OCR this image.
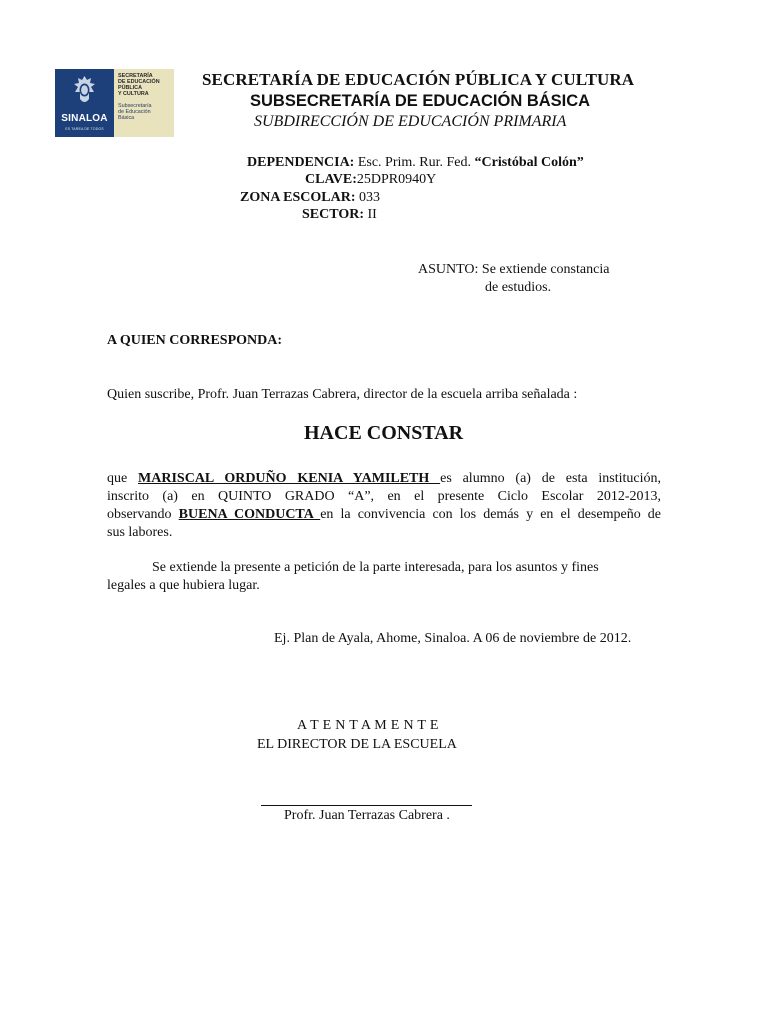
SINALOA
ES TAREA DE TODOS
SECRETARÍA
DE EDUCACIÓN
PÚBLICA
Y CULTURA
Subsecretaría
de Educación
Básica
SECRETARÍA DE EDUCACIÓN PÚBLICA Y CULTURA
SUBSECRETARÍA DE EDUCACIÓN BÁSICA
SUBDIRECCIÓN DE EDUCACIÓN PRIMARIA
DEPENDENCIA: Esc. Prim. Rur. Fed. “Cristóbal Colón”
CLAVE:25DPR0940Y
ZONA ESCOLAR: 033
SECTOR: II
ASUNTO: Se extiende constancia
de estudios.
A QUIEN CORRESPONDA:
Quien suscribe, Profr. Juan Terrazas Cabrera, director de la escuela arriba señalada :
HACE CONSTAR
que MARISCAL ORDUÑO KENIA YAMILETH es alumno (a) de esta institución,
inscrito (a) en QUINTO GRADO “A”, en el presente Ciclo Escolar 2012-2013,
observando BUENA CONDUCTA en la convivencia con los demás y en el desempeño de
sus labores.
Se extiende la presente a petición de la parte interesada, para los asuntos y fines
legales a que hubiera lugar.
Ej. Plan de Ayala, Ahome, Sinaloa. A 06 de noviembre de 2012.
A T E N T A M E N T E
EL DIRECTOR DE LA ESCUELA
Profr. Juan Terrazas Cabrera .
